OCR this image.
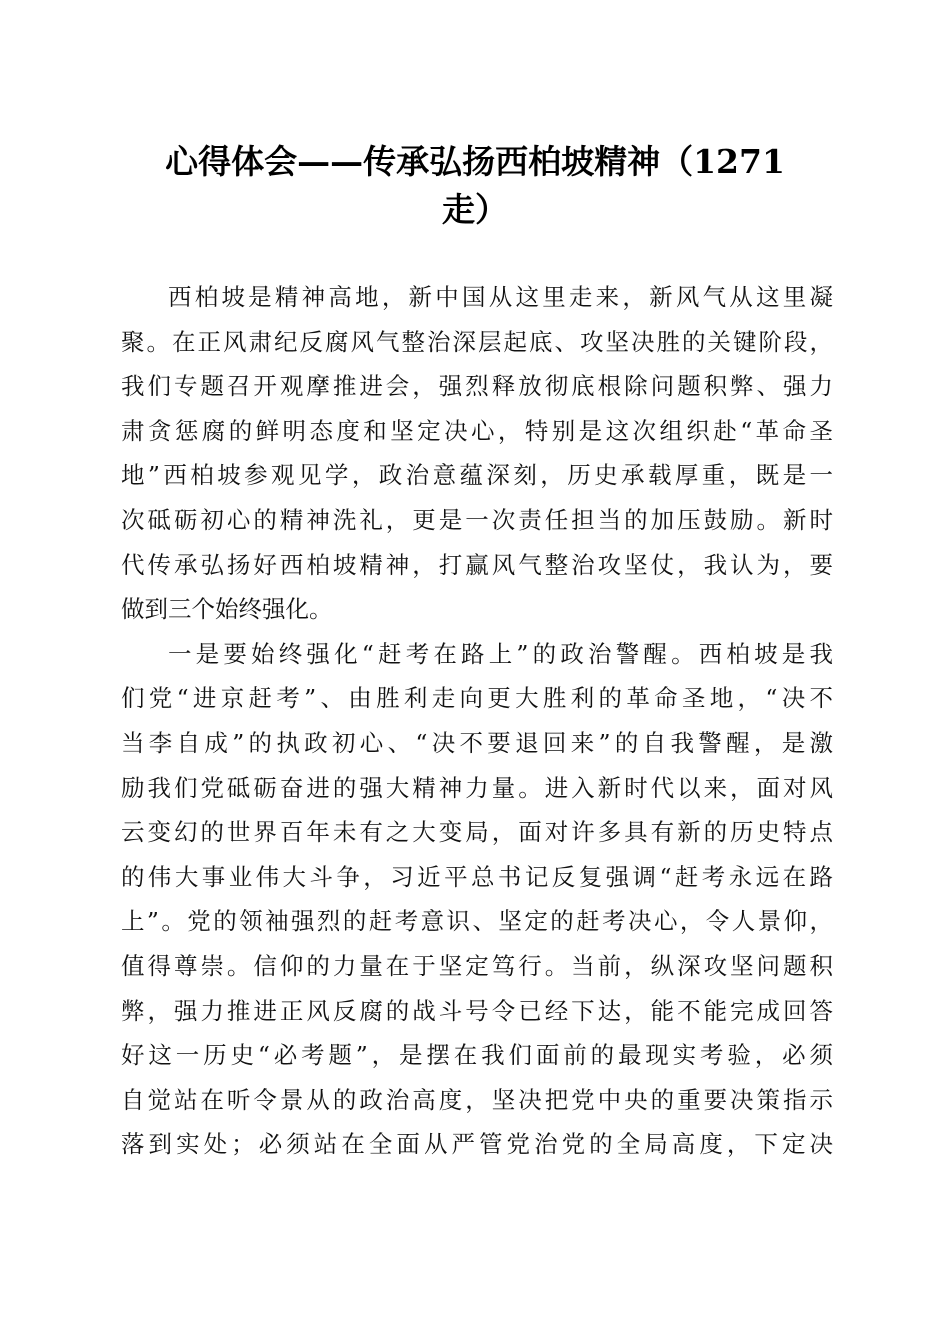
心得体会——传承弘扬西柏坡精神（1271
走）
西柏坡是精神高地，新中国从这里走来，新风气从这里凝
聚。在正风肃纪反腐风气整治深层起底、攻坚决胜的关键阶段，
我们专题召开观摩推进会，强烈释放彻底根除问题积弊、强力
肃贪惩腐的鲜明态度和坚定决心，特别是这次组织赴“革命圣
地”西柏坡参观见学，政治意蕴深刻，历史承载厚重，既是一
次砥砺初心的精神洗礼，更是一次责任担当的加压鼓励。新时
代传承弘扬好西柏坡精神，打赢风气整治攻坚仗，我认为，要
做到三个始终强化。
一是要始终强化“赶考在路上”的政治警醒。西柏坡是我
们党“进京赶考”、由胜利走向更大胜利的革命圣地，“决不
当李自成”的执政初心、“决不要退回来”的自我警醒，是激
励我们党砥砺奋进的强大精神力量。进入新时代以来，面对风
云变幻的世界百年未有之大变局，面对许多具有新的历史特点
的伟大事业伟大斗争，习近平总书记反复强调“赶考永远在路
上”。党的领袖强烈的赶考意识、坚定的赶考决心，令人景仰，
值得尊崇。信仰的力量在于坚定笃行。当前，纵深攻坚问题积
弊，强力推进正风反腐的战斗号令已经下达，能不能完成回答
好这一历史“必考题”，是摆在我们面前的最现实考验，必须
自觉站在听令景从的政治高度，坚决把党中央的重要决策指示
落到实处；必须站在全面从严管党治党的全局高度，下定决
